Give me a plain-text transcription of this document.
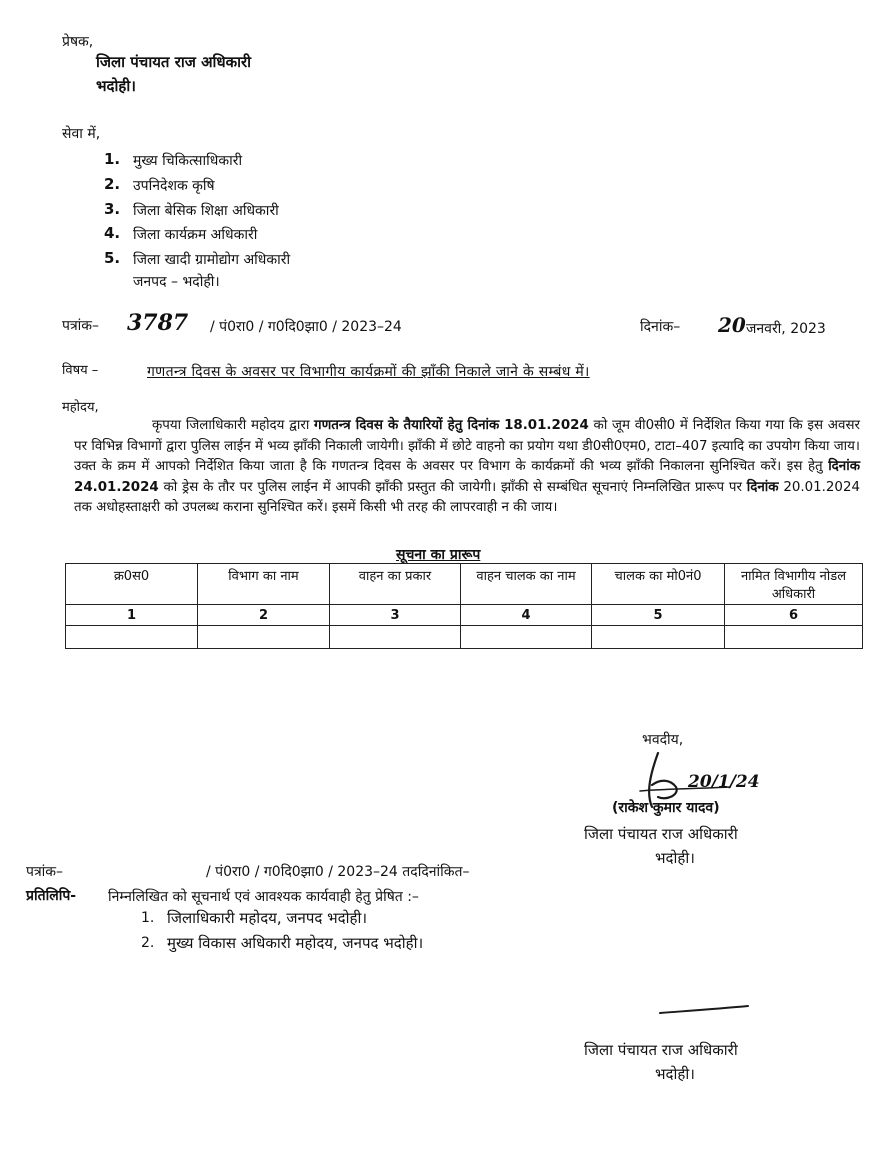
प्रेषक,
जिला पंचायत राज अधिकारी
भदोही।
सेवा में,
1. मुख्य चिकित्साधिकारी
2. उपनिदेशक कृषि
3. जिला बेसिक शिक्षा अधिकारी
4. जिला कार्यक्रम अधिकारी
5. जिला खादी ग्रामोद्योग अधिकारी
जनपद – भदोही।
पत्रांक– 3787 / पं0रा0 / ग0दि0झा0 / 2023–24	दिनांक– 20 जनवरी, 2023
विषय –	गणतन्त्र दिवस के अवसर पर विभागीय कार्यक्रमों की झाँकी निकाले जाने के सम्बंध में।
महोदय,
कृपया जिलाधिकारी महोदय द्वारा गणतन्त्र दिवस के तैयारियों हेतु दिनांक 18.01.2024 को जूम वी0सी0 में निर्देशित किया गया कि इस अवसर पर विभिन्न विभागों द्वारा पुलिस लाईन में भव्य झाँकी निकाली जायेगी। झाँकी में छोटे वाहनो का प्रयोग यथा डी0सी0एम0, टाटा–407 इत्यादि का उपयोग किया जाय। उक्त के क्रम में आपको निर्देशित किया जाता है कि गणतन्त्र दिवस के अवसर पर विभाग के कार्यक्रमों की भव्य झाँकी निकालना सुनिश्चित करें। इस हेतु दिनांक 24.01.2024 को ड्रेस के तौर पर पुलिस लाईन में आपकी झाँकी प्रस्तुत की जायेगी। झाँकी से सम्बंधित सूचनाएं निम्नलिखित प्रारूप पर दिनांक 20.01.2024 तक अधोहस्ताक्षरी को उपलब्ध कराना सुनिश्चित करें। इसमें किसी भी तरह की लापरवाही न की जाय।
सूचना का प्रारूप
क्र0स0	विभाग का नाम	वाहन का प्रकार	वाहन चालक का नाम	चालक का मो0नं0	नामित विभागीय नोडल अधिकारी
1	2	3	4	5	6

भवदीय,
20/1/24
(राकेश कुमार यादव)
जिला पंचायत राज अधिकारी
भदोही।
पत्रांक–	/ पं0रा0 / ग0दि0झा0 / 2023–24 तददिनांकित–
प्रतिलिपि- निम्नलिखित को सूचनार्थ एवं आवश्यक कार्यवाही हेतु प्रेषित :–
1. जिलाधिकारी महोदय, जनपद भदोही।
2. मुख्य विकास अधिकारी महोदय, जनपद भदोही।
जिला पंचायत राज अधिकारी
भदोही।
